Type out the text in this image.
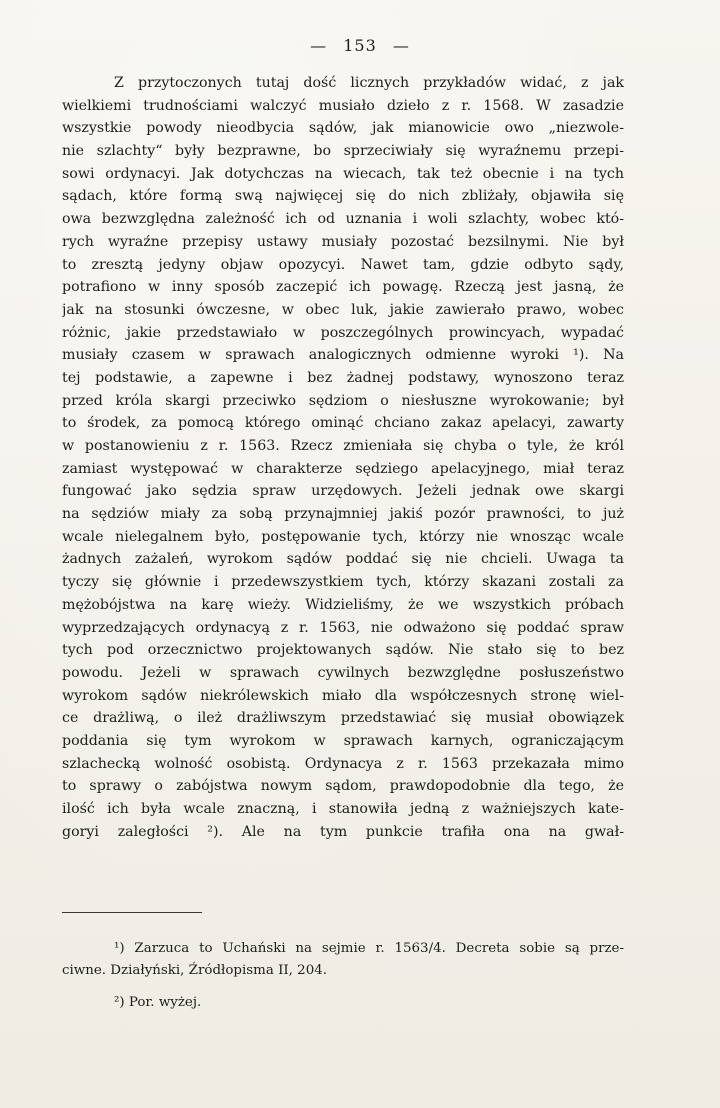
— 153 —
Z przytoczonych tutaj dość licznych przykładów widać, z jak
wielkiemi trudnościami walczyć musiało dzieło z r. 1568. W zasadzie
wszystkie powody nieodbycia sądów, jak mianowicie owo „niezwole-
nie szlachty“ były bezprawne, bo sprzeciwiały się wyraźnemu przepi-
sowi ordynacyi. Jak dotychczas na wiecach, tak też obecnie i na tych
sądach, które formą swą najwięcej się do nich zbliżały, objawiła się
owa bezwzględna zależność ich od uznania i woli szlachty, wobec któ-
rych wyraźne przepisy ustawy musiały pozostać bezsilnymi. Nie był
to zresztą jedyny objaw opozycyi. Nawet tam, gdzie odbyto sądy,
potrafiono w inny sposób zaczepić ich powagę. Rzeczą jest jasną, że
jak na stosunki ówczesne, w obec luk, jakie zawierało prawo, wobec
różnic, jakie przedstawiało w poszczególnych prowincyach, wypadać
musiały czasem w sprawach analogicznych odmienne wyroki ¹). Na
tej podstawie, a zapewne i bez żadnej podstawy, wynoszono teraz
przed króla skargi przeciwko sędziom o niesłuszne wyrokowanie; był
to środek, za pomocą którego ominąć chciano zakaz apelacyi, zawarty
w postanowieniu z r. 1563. Rzecz zmieniała się chyba o tyle, że król
zamiast występować w charakterze sędziego apelacyjnego, miał teraz
fungować jako sędzia spraw urzędowych. Jeżeli jednak owe skargi
na sędziów miały za sobą przynajmniej jakiś pozór prawności, to już
wcale nielegalnem było, postępowanie tych, którzy nie wnosząc wcale
żadnych zażaleń, wyrokom sądów poddać się nie chcieli. Uwaga ta
tyczy się głównie i przedewszystkiem tych, którzy skazani zostali za
mężobójstwa na karę wieży. Widzieliśmy, że we wszystkich próbach
wyprzedzających ordynacyą z r. 1563, nie odważono się poddać spraw
tych pod orzecznictwo projektowanych sądów. Nie stało się to bez
powodu. Jeżeli w sprawach cywilnych bezwzględne posłuszeństwo
wyrokom sądów niekrólewskich miało dla współczesnych stronę wiel-
ce drażliwą, o ileż drażliwszym przedstawiać się musiał obowiązek
poddania się tym wyrokom w sprawach karnych, ograniczającym
szlachecką wolność osobistą. Ordynacya z r. 1563 przekazała mimo
to sprawy o zabójstwa nowym sądom, prawdopodobnie dla tego, że
ilość ich była wcale znaczną, i stanowiła jedną z ważniejszych kate-
goryi zaległości ²). Ale na tym punkcie trafiła ona na gwał-
¹) Zarzuca to Uchański na sejmie r. 1563/4. Decreta sobie są prze-
ciwne. Działyński, Źródłopisma II, 204.
²) Por. wyżej.
